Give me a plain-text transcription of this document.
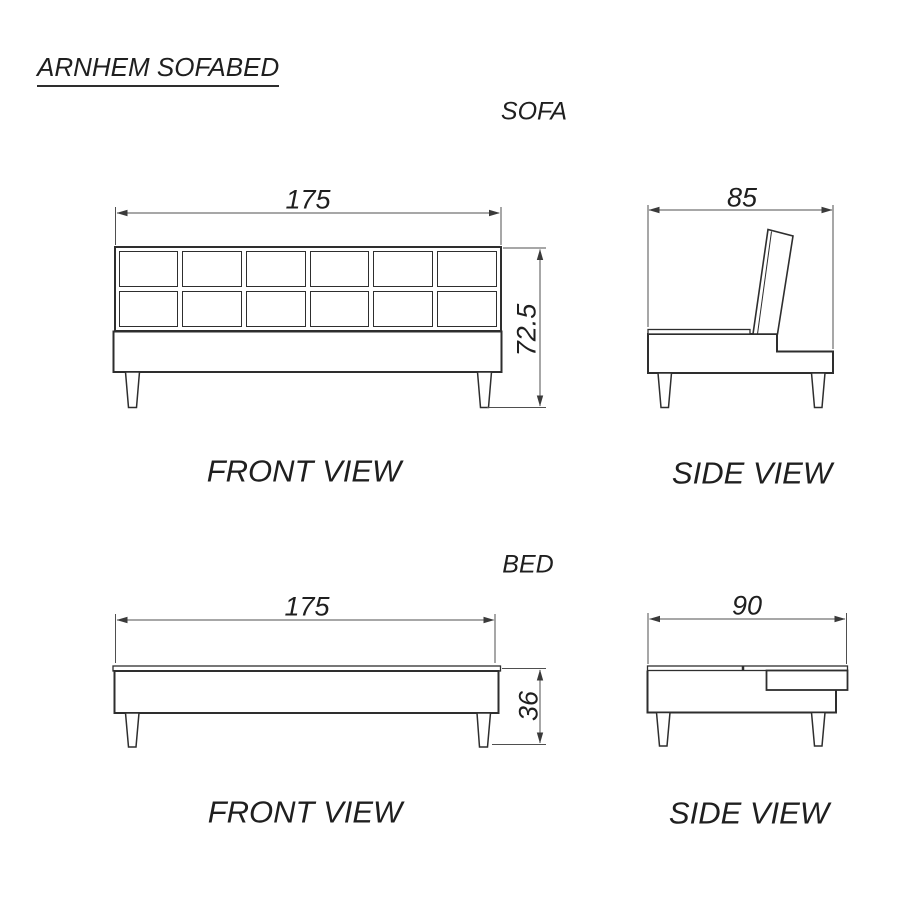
ARNHEM SOFABED
SOFA
175	85
72.5
FRONT VIEW	SIDE VIEW
BED
175	90
36
FRONT VIEW	SIDE VIEW
